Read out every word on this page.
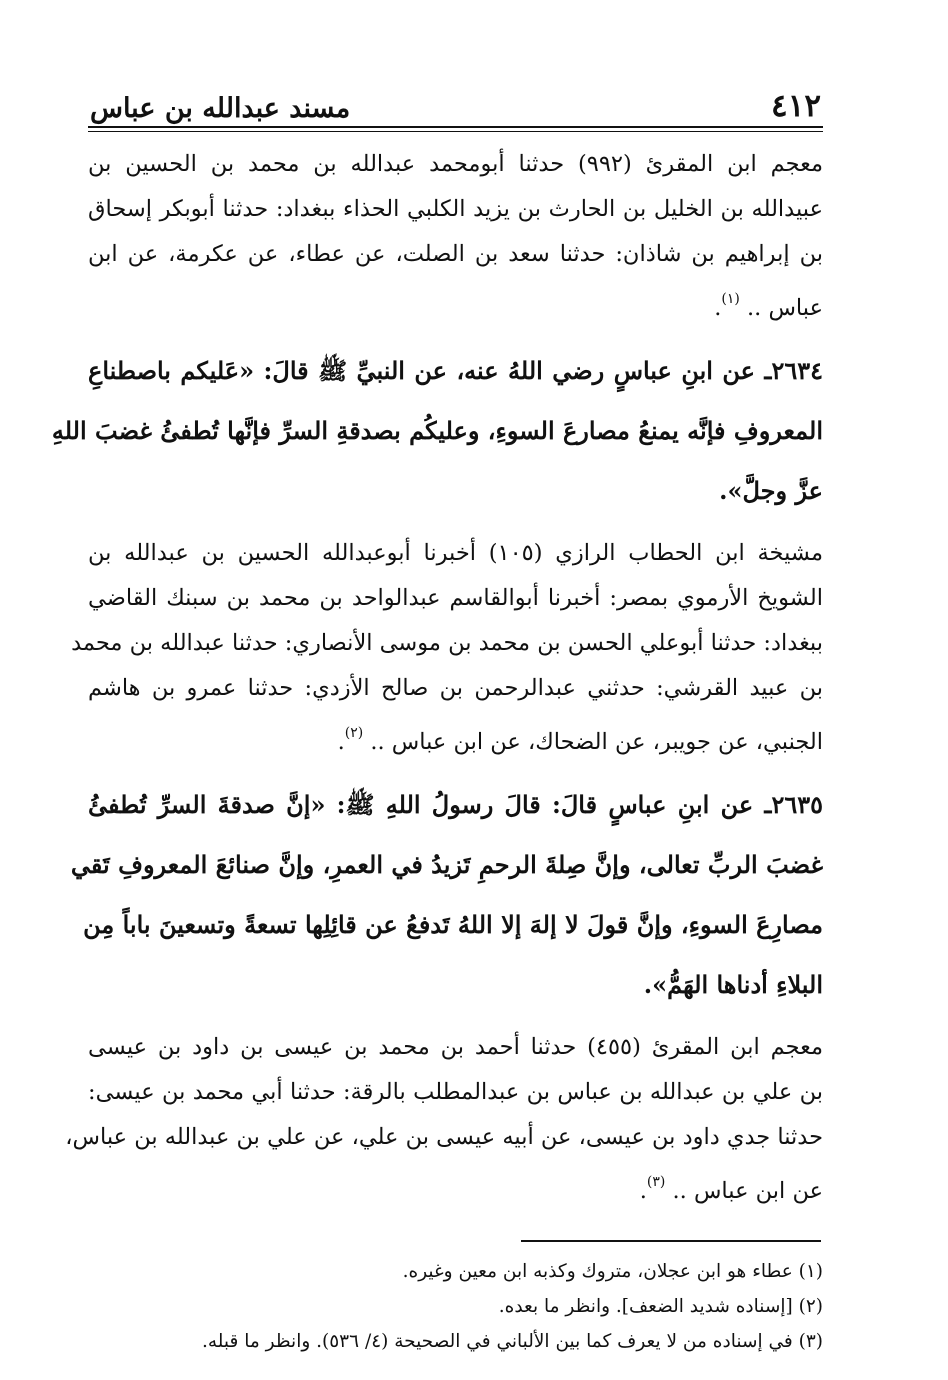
٤١٢
مسند عبدالله بن عباس
معجم ابن المقرئ (٩٩٢) حدثنا أبومحمد عبدالله بن محمد بن الحسين بن
عبيدالله بن الخليل بن الحارث بن يزيد الكلبي الحذاء ببغداد: حدثنا أبوبكر إسحاق
بن إبراهيم بن شاذان: حدثنا سعد بن الصلت، عن عطاء، عن عكرمة، عن ابن
عباس .. $^{(١)}$.
٢٦٣٤ـ عن ابنِ عباسٍ رضي اللهُ عنه، عن النبيِّ ﷺ قالَ: «عَليكم باصطناعِ
المعروفِ فإنَّه يمنعُ مصارعَ السوءِ، وعليكُم بصدقةِ السرِّ فإنَّها تُطفئُ غضبَ اللهِ
عزَّ وجلَّ».
مشيخة ابن الحطاب الرازي (١٠٥) أخبرنا أبوعبدالله الحسين بن عبدالله بن
الشويخ الأرموي بمصر: أخبرنا أبوالقاسم عبدالواحد بن محمد بن سبنك القاضي
ببغداد: حدثنا أبوعلي الحسن بن محمد بن موسى الأنصاري: حدثنا عبدالله بن محمد
بن عبيد القرشي: حدثني عبدالرحمن بن صالح الأزدي: حدثنا عمرو بن هاشم
الجنبي، عن جويبر، عن الضحاك، عن ابن عباس .. $^{(٢)}$.
٢٦٣٥ـ عن ابنِ عباسٍ قالَ: قالَ رسولُ اللهِ ﷺ: «إنَّ صدقةَ السرِّ تُطفئُ
غضبَ الربِّ تعالى، وإنَّ صِلةَ الرحمِ تَزيدُ في العمرِ، وإنَّ صنائعَ المعروفِ تَقي
مصارِعَ السوءِ، وإنَّ قولَ لا إلهَ إلا اللهُ تَدفعُ عن قائِلِها تسعةً وتسعينَ باباً مِن
البلاءِ أدناها الهَمُّ».
معجم ابن المقرئ (٤٥٥) حدثنا أحمد بن محمد بن عيسى بن داود بن عيسى
بن علي بن عبدالله بن عباس بن عبدالمطلب بالرقة: حدثنا أبي محمد بن عيسى:
حدثنا جدي داود بن عيسى، عن أبيه عيسى بن علي، عن علي بن عبدالله بن عباس،
عن ابن عباس .. $^{(٣)}$.
(١) عطاء هو ابن عجلان، متروك وكذبه ابن معين وغيره.
(٢) [إسناده شديد الضعف]. وانظر ما بعده.
(٣) في إسناده من لا يعرف كما بين الألباني في الصحيحة (٤/ ٥٣٦). وانظر ما قبله.
